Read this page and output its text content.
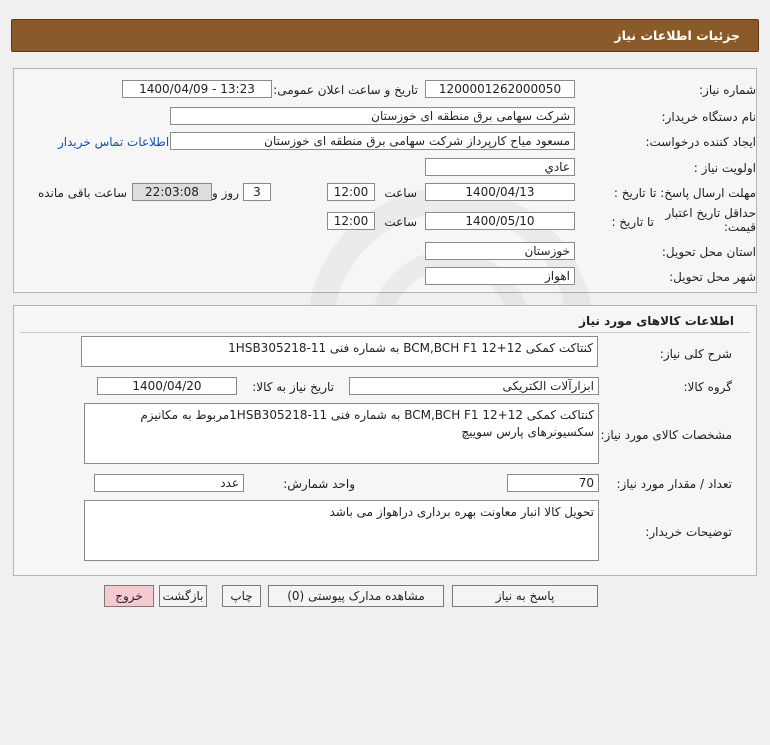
جزئیات اطلاعات نیاز
شماره نیاز:
1200001262000050
تاریخ و ساعت اعلان عمومی:
1400/04/09 - 13:23
نام دستگاه خریدار:
شرکت سهامی برق منطقه ای خوزستان
ایجاد کننده درخواست:
مسعود میاح کارپرداز شرکت سهامی برق منطقه ای خوزستان
اطلاعات تماس خریدار
اولویت نیاز :
عادي
مهلت ارسال پاسخ: تا تاریخ :
1400/04/13
ساعت
12:00
3
روز و
22:03:08
ساعت باقی مانده
حداقل تاریخ اعتبار
قیمت:
تا تاریخ :
1400/05/10
ساعت
12:00
استان محل تحویل:
خوزستان
شهر محل تحویل:
اهواز
اطلاعات کالاهای مورد نیاز
شرح کلی نیاز:
کنتاکت کمکی BCM,BCH F1 12+12 به شماره فنی 1HSB305218-11
گروه کالا:
ابزارآلات الکتریکی
تاریخ نیاز به کالا:
1400/04/20
مشخصات کالای مورد نیاز:
کنتاکت کمکی BCM,BCH F1 12+12 به شماره فنی 1HSB305218-11مربوط به مکانیزم سکسیونرهای پارس سوییچ
تعداد / مقدار مورد نیاز:
70
واحد شمارش:
عدد
توضیحات خریدار:
تحویل کالا انبار معاونت بهره برداری دراهواز می باشد
پاسخ به نیاز
مشاهده مدارک پیوستی (0)
چاپ
بازگشت
خروج
